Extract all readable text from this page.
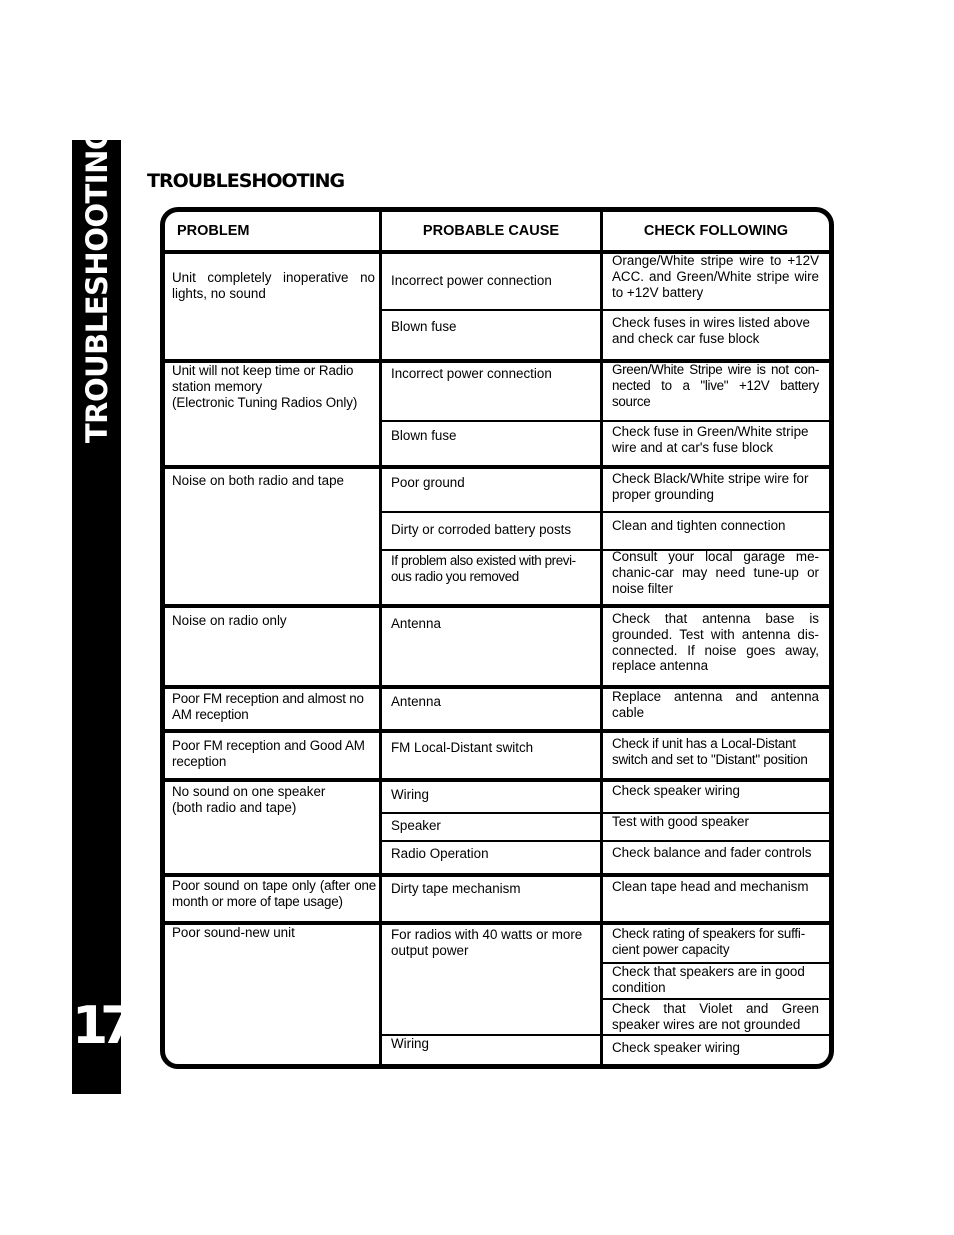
TROUBLESHOOTING
17
TROUBLESHOOTING
PROBLEM	PROBABLE CAUSE	CHECK FOLLOWING
Unit completely inoperative no lights, no sound
Unit will not keep time or Radio station memory
(Electronic Tuning Radios Only)
Noise on both radio and tape
Noise on radio only
Poor FM reception and almost no AM reception
Poor FM reception and Good AM reception
No sound on one speaker
(both radio and tape)
Poor sound on tape only (after one month or more of tape usage)
Poor sound-new unit
Incorrect power connection
Blown fuse
Incorrect power connection
Blown fuse
Poor ground
Dirty or corroded battery posts
If problem also existed with previ-ous radio you removed
Antenna
Antenna
FM Local-Distant switch
Wiring
Speaker
Radio Operation
Dirty tape mechanism
For radios with 40 watts or more output power
Wiring
Orange/White stripe wire to +12V ACC. and Green/White stripe wire to +12V battery
Check fuses in wires listed above and check car fuse block
Green/White Stripe wire is not con-nected to a "live" +12V battery source
Check fuse in Green/White stripe wire and at car's fuse block
Check Black/White stripe wire for proper grounding
Clean and tighten connection
Consult your local garage me-chanic-car may need tune-up or noise filter
Check that antenna base is grounded. Test with antenna dis-connected. If noise goes away, replace antenna
Replace antenna and antenna cable
Check if unit has a Local-Distant switch and set to "Distant" position
Check speaker wiring
Test with good speaker
Check balance and fader controls
Clean tape head and mechanism
Check rating of speakers for suffi-cient power capacity
Check that speakers are in good condition
Check that Violet and Green speaker wires are not grounded
Check speaker wiring
